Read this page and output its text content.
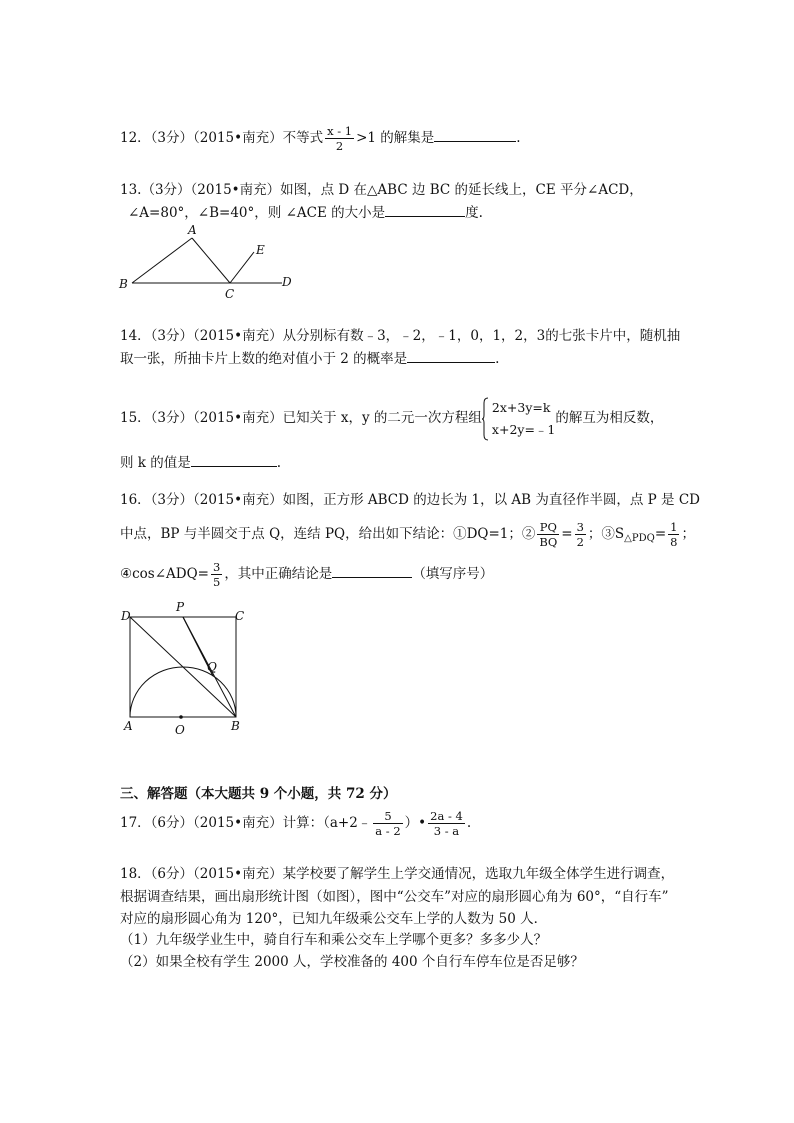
12．（3分）（2015•南充）不等式 $\frac{x - 1}{2} >1$ 的解集是	.
13.（3分）（2015•南充）如图，点 D 在△ABC 边 BC 的延长线上，CE 平分∠ACD，
∠A=80°，∠B=40°，则 ∠ACE 的大小是	度.
A
B
C
D
E
14．（3分）（2015•南充）从分别标有数﹣3，﹣2，﹣1，0，1，2，3的七张卡片中，随机抽
取一张，所抽卡片上数的绝对值小于 2 的概率是	.
15．（3分）（2015•南充）已知关于 x，y 的二元一次方程组
2x+3y=k
x+2y=﹣1
的解互为相反数，
则 k 的值是	.
16．（3分）（2015•南充）如图，正方形 ABCD 的边长为 1，以 AB 为直径作半圆，点 P 是 CD
中点，BP 与半圆交于点 Q，连结 PQ，给出如下结论：①DQ=1；② $\frac{PQ}{BQ} = \frac{3}{2}$ ；$③S_{\triangle PDQ}= \frac{1}{8}$ ；
④cos∠ADQ= $\frac{3}{5}$ ，其中正确结论是	（填写序号）
D
P
C
Q
A	O	B
三、解答题（本大题共 9 个小题，共 72 分）
17．（6分）（2015•南充）计算：（a+2﹣ $\frac{5}{a - 2}$ ）• $\frac{2a - 4}{3 - a}$ .
18．（6分）（2015•南充）某学校要了解学生上学交通情况，选取九年级全体学生进行调查，
根据调查结果，画出扇形统计图（如图），图中“公交车”对应的扇形圆心角为 60°，“自行车”
对应的扇形圆心角为 120°，已知九年级乘公交车上学的人数为 50 人．
（1）九年级学业生中，骑自行车和乘公交车上学哪个更多？多多少人？
（2）如果全校有学生 2000 人，学校准备的 400 个自行车停车位是否足够？
